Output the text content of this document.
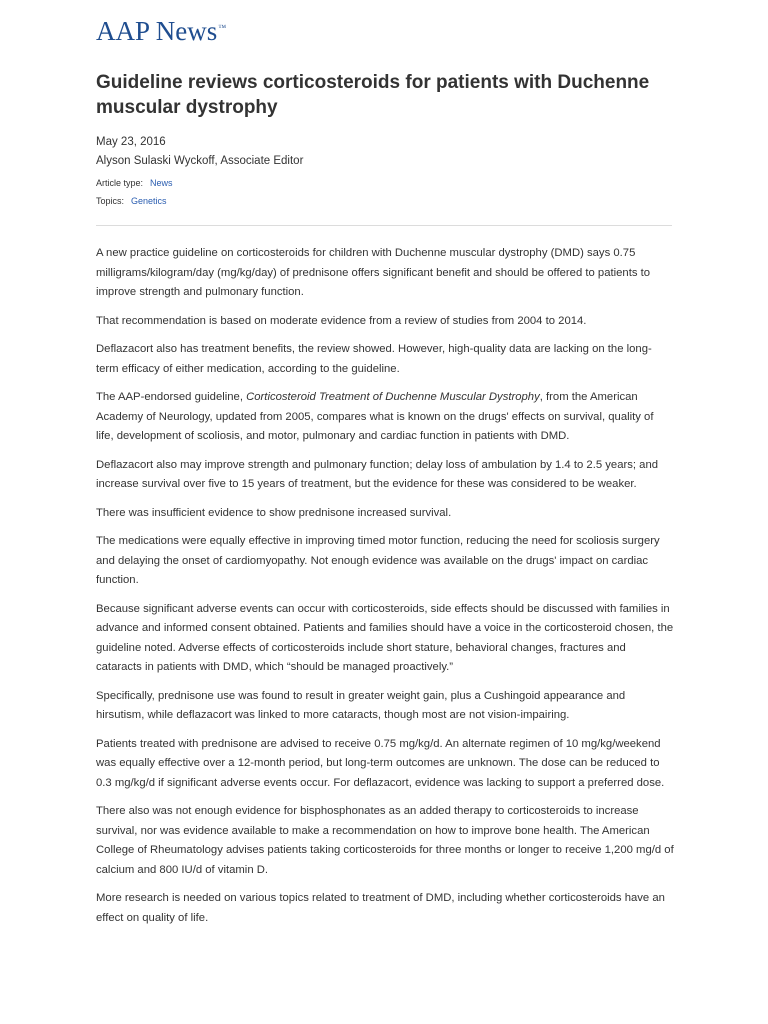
AAP News™
Guideline reviews corticosteroids for patients with Duchenne muscular dystrophy
May 23, 2016
Alyson Sulaski Wyckoff, Associate Editor
Article type: News
Topics: Genetics

A new practice guideline on corticosteroids for children with Duchenne muscular dystrophy (DMD) says 0.75 milligrams/kilogram/day (mg/kg/day) of prednisone offers significant benefit and should be offered to patients to improve strength and pulmonary function.

That recommendation is based on moderate evidence from a review of studies from 2004 to 2014.

Deflazacort also has treatment benefits, the review showed. However, high-quality data are lacking on the long-term efficacy of either medication, according to the guideline.

The AAP-endorsed guideline, Corticosteroid Treatment of Duchenne Muscular Dystrophy, from the American Academy of Neurology, updated from 2005, compares what is known on the drugs' effects on survival, quality of life, development of scoliosis, and motor, pulmonary and cardiac function in patients with DMD.

Deflazacort also may improve strength and pulmonary function; delay loss of ambulation by 1.4 to 2.5 years; and increase survival over five to 15 years of treatment, but the evidence for these was considered to be weaker.

There was insufficient evidence to show prednisone increased survival.

The medications were equally effective in improving timed motor function, reducing the need for scoliosis surgery and delaying the onset of cardiomyopathy. Not enough evidence was available on the drugs' impact on cardiac function.

Because significant adverse events can occur with corticosteroids, side effects should be discussed with families in advance and informed consent obtained. Patients and families should have a voice in the corticosteroid chosen, the guideline noted. Adverse effects of corticosteroids include short stature, behavioral changes, fractures and cataracts in patients with DMD, which “should be managed proactively.”

Specifically, prednisone use was found to result in greater weight gain, plus a Cushingoid appearance and hirsutism, while deflazacort was linked to more cataracts, though most are not vision-impairing.

Patients treated with prednisone are advised to receive 0.75 mg/kg/d. An alternate regimen of 10 mg/kg/weekend was equally effective over a 12-month period, but long-term outcomes are unknown. The dose can be reduced to 0.3 mg/kg/d if significant adverse events occur. For deflazacort, evidence was lacking to support a preferred dose.

There also was not enough evidence for bisphosphonates as an added therapy to corticosteroids to increase survival, nor was evidence available to make a recommendation on how to improve bone health. The American College of Rheumatology advises patients taking corticosteroids for three months or longer to receive 1,200 mg/d of calcium and 800 IU/d of vitamin D.

More research is needed on various topics related to treatment of DMD, including whether corticosteroids have an effect on quality of life.
